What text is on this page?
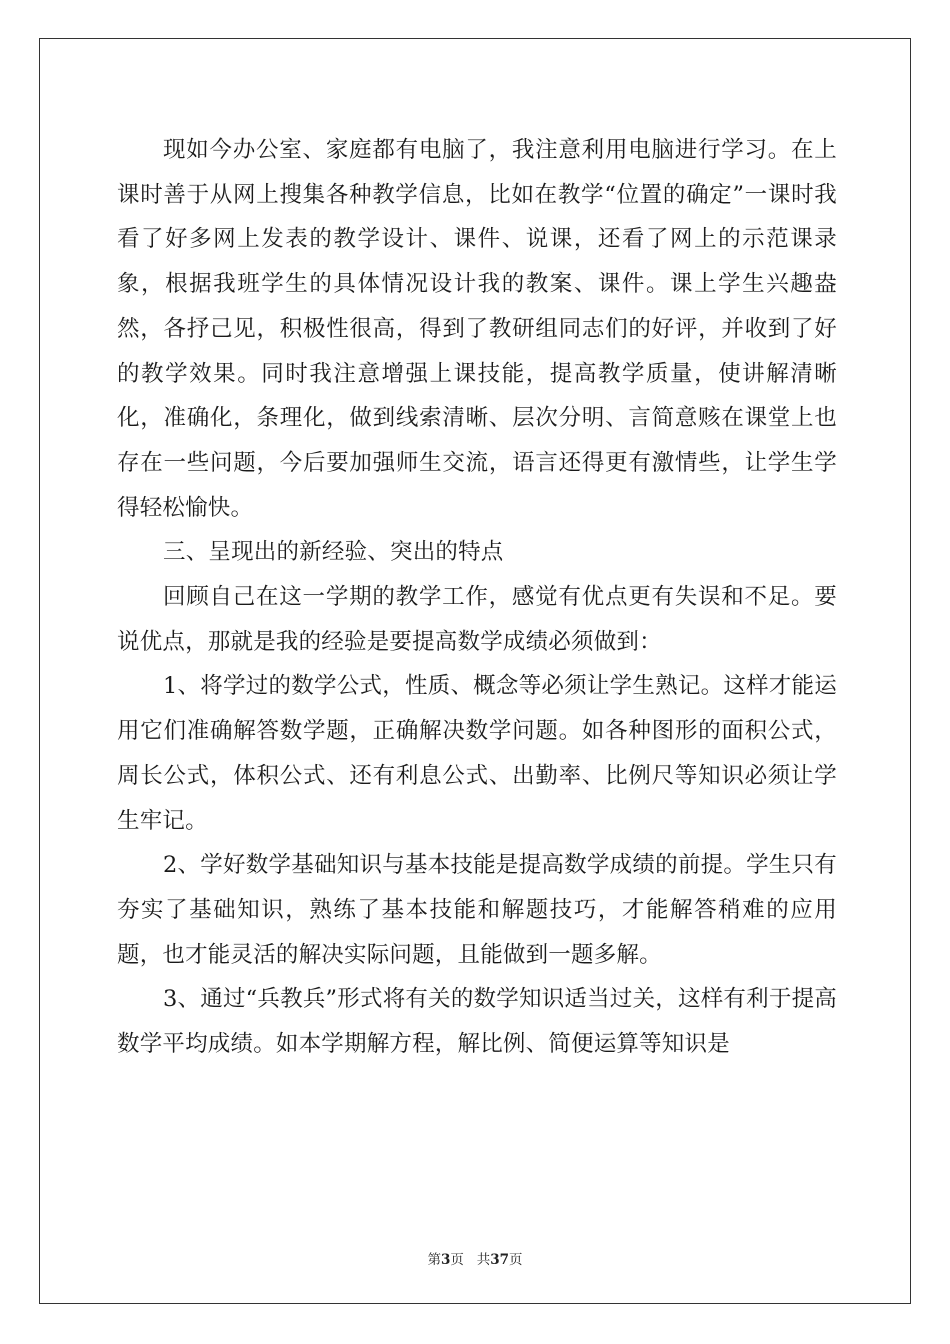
现如今办公室、家庭都有电脑了，我注意利用电脑进行学习。在上课时善于从网上搜集各种教学信息，比如在教学“位置的确定”一课时我看了好多网上发表的教学设计、课件、说课，还看了网上的示范课录象，根据我班学生的具体情况设计我的教案、课件。课上学生兴趣盎然，各抒己见，积极性很高，得到了教研组同志们的好评，并收到了好的教学效果。同时我注意增强上课技能，提高教学质量，使讲解清晰化，准确化，条理化，做到线索清晰、层次分明、言简意赅在课堂上也存在一些问题，今后要加强师生交流，语言还得更有激情些，让学生学得轻松愉快。

三、呈现出的新经验、突出的特点

回顾自己在这一学期的教学工作，感觉有优点更有失误和不足。要说优点，那就是我的经验是要提高数学成绩必须做到：

1、将学过的数学公式，性质、概念等必须让学生熟记。这样才能运用它们准确解答数学题，正确解决数学问题。如各种图形的面积公式，周长公式，体积公式、还有利息公式、出勤率、比例尺等知识必须让学生牢记。

2、学好数学基础知识与基本技能是提高数学成绩的前提。学生只有夯实了基础知识，熟练了基本技能和解题技巧，才能解答稍难的应用题，也才能灵活的解决实际问题，且能做到一题多解。

3、通过“兵教兵”形式将有关的数学知识适当过关，这样有利于提高数学平均成绩。如本学期解方程，解比例、简便运算等知识是

第3页 共37页
